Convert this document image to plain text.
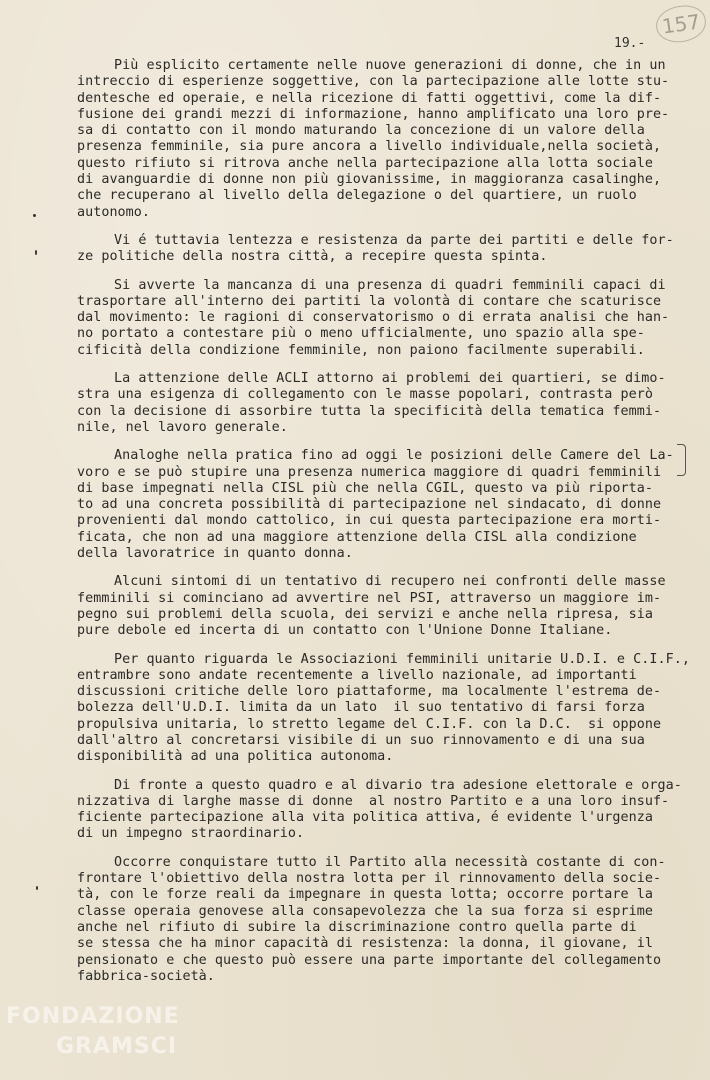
157
19.-
Più esplicito certamente nelle nuove generazioni di donne, che in un
intreccio di esperienze soggettive, con la partecipazione alle lotte stu-
dentesche ed operaie, e nella ricezione di fatti oggettivi, come la dif-
fusione dei grandi mezzi di informazione, hanno amplificato una loro pre-
sa di contatto con il mondo maturando la concezione di un valore della
presenza femminile, sia pure ancora a livello individuale,nella società,
questo rifiuto si ritrova anche nella partecipazione alla lotta sociale
di avanguardie di donne non più giovanissime, in maggioranza casalinghe,
che recuperano al livello della delegazione o del quartiere, un ruolo
autonomo.
Vi é tuttavia lentezza e resistenza da parte dei partiti e delle for-
ze politiche della nostra città, a recepire questa spinta.
Si avverte la mancanza di una presenza di quadri femminili capaci di
trasportare all'interno dei partiti la volontà di contare che scaturisce
dal movimento: le ragioni di conservatorismo o di errata analisi che han-
no portato a contestare più o meno ufficialmente, uno spazio alla spe-
cificità della condizione femminile, non paiono facilmente superabili.
La attenzione delle ACLI attorno ai problemi dei quartieri, se dimo-
stra una esigenza di collegamento con le masse popolari, contrasta però
con la decisione di assorbire tutta la specificità della tematica femmi-
nile, nel lavoro generale.
Analoghe nella pratica fino ad oggi le posizioni delle Camere del La-
voro e se può stupire una presenza numerica maggiore di quadri femminili
di base impegnati nella CISL più che nella CGIL, questo va più riporta-
to ad una concreta possibilità di partecipazione nel sindacato, di donne
provenienti dal mondo cattolico, in cui questa partecipazione era morti-
ficata, che non ad una maggiore attenzione della CISL alla condizione
della lavoratrice in quanto donna.
Alcuni sintomi di un tentativo di recupero nei confronti delle masse
femminili si cominciano ad avvertire nel PSI, attraverso un maggiore im-
pegno sui problemi della scuola, dei servizi e anche nella ripresa, sia
pure debole ed incerta di un contatto con l'Unione Donne Italiane.
Per quanto riguarda le Associazioni femminili unitarie U.D.I. e C.I.F.,
entrambre sono andate recentemente a livello nazionale, ad importanti
discussioni critiche delle loro piattaforme, ma localmente l'estrema de-
bolezza dell'U.D.I. limita da un lato  il suo tentativo di farsi forza
propulsiva unitaria, lo stretto legame del C.I.F. con la D.C.  si oppone
dall'altro al concretarsi visibile di un suo rinnovamento e di una sua
disponibilità ad una politica autonoma.
Di fronte a questo quadro e al divario tra adesione elettorale e orga-
nizzativa di larghe masse di donne  al nostro Partito e a una loro insuf-
ficiente partecipazione alla vita politica attiva, é evidente l'urgenza
di un impegno straordinario.
Occorre conquistare tutto il Partito alla necessità costante di con-
frontare l'obiettivo della nostra lotta per il rinnovamento della socie-
tà, con le forze reali da impegnare in questa lotta; occorre portare la
classe operaia genovese alla consapevolezza che la sua forza si esprime
anche nel rifiuto di subire la discriminazione contro quella parte di
se stessa che ha minor capacità di resistenza: la donna, il giovane, il
pensionato e che questo può essere una parte importante del collegamento
fabbrica-società.
FONDAZIONE
GRAMSCI
